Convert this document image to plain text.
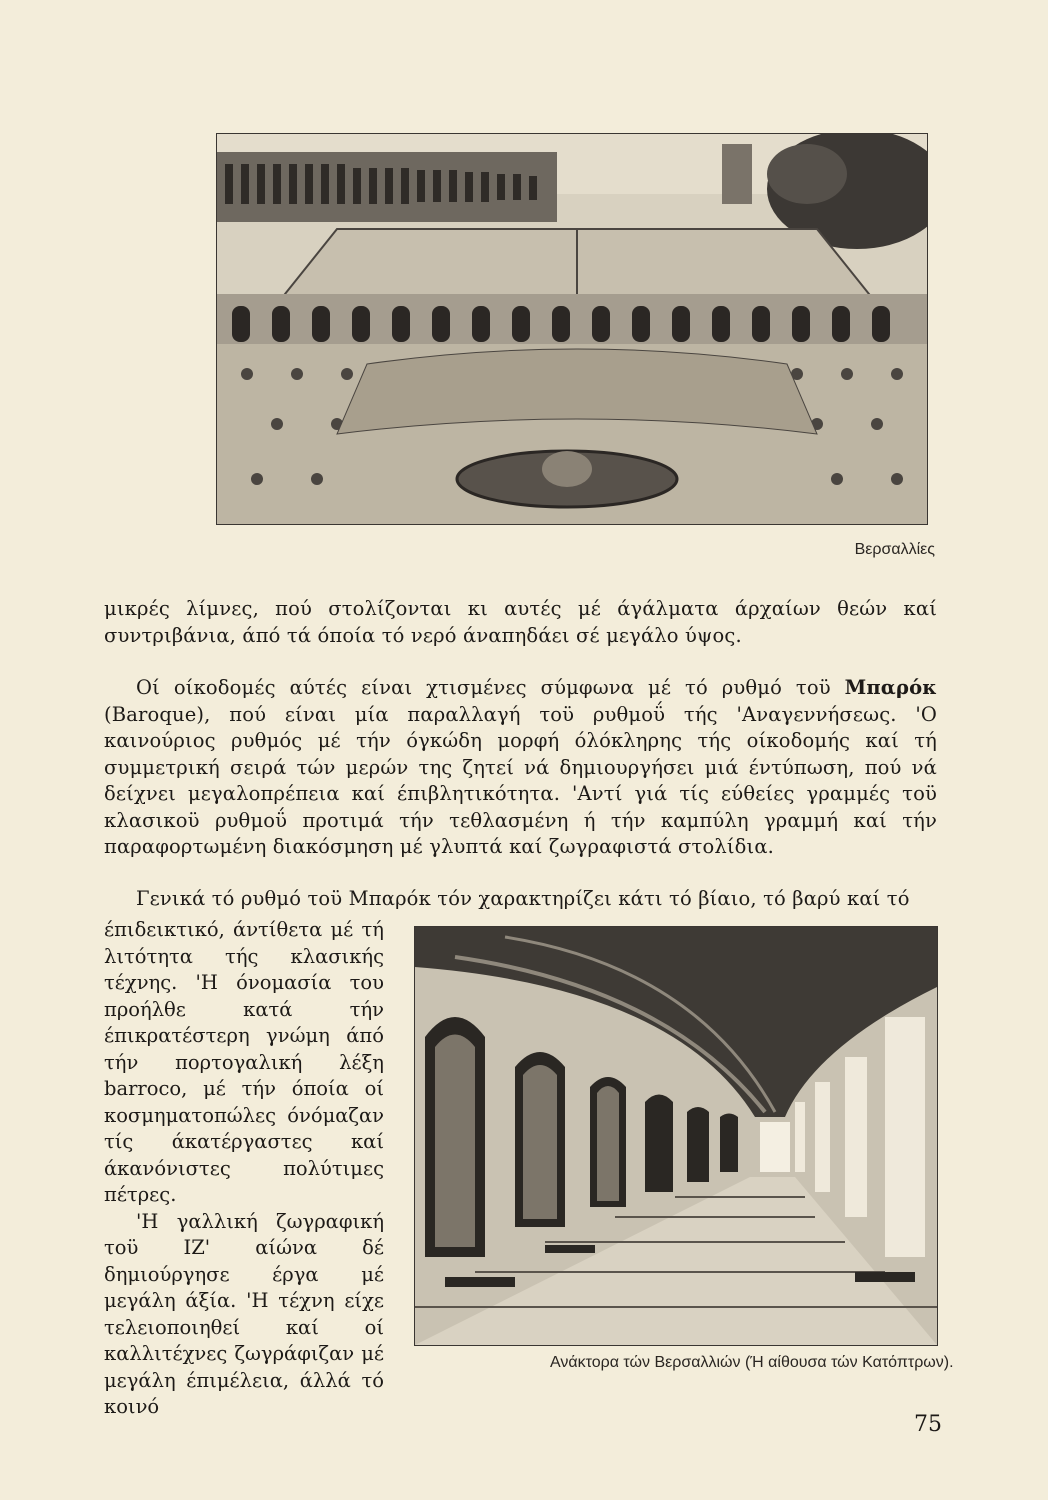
Βερσαλλίες

μικρές λίμνες, πού στολίζονται κι αυτές μέ άγάλματα άρχαίων θεών καί συντριβάνια, άπό τά όποία τό νερό άναπηδάει σέ μεγάλο ύψος.

Οί οίκοδομές αύτές είναι χτισμένες σύμφωνα μέ τό ρυθμό τοϋ Μπαρόκ (Baroque), πού είναι μία παραλλαγή τοϋ ρυθμοΰ τής 'Αναγεννήσεως. 'Ο καινούριος ρυθμός μέ τήν όγκώδη μορφή όλόκληρης τής οίκοδομής καί τή συμμετρική σειρά τών μερών της ζητεί νά δημιουργήσει μιά έντύπωση, πού νά δείχνει μεγαλοπρέπεια καί έπιβλητικότητα. 'Αντί γιά τίς εύθείες γραμμές τοϋ κλασικοϋ ρυθμοΰ προτιμά τήν τεθλασμένη ή τήν καμπύλη γραμμή καί τήν παραφορτωμένη διακόσμηση μέ γλυπτά καί ζωγραφιστά στολίδια.

Γενικά τό ρυθμό τοϋ Μπαρόκ τόν χαρακτηρίζει κάτι τό βίαιο, τό βαρύ καί τό

έπιδεικτικό, άντίθετα μέ τή λιτότητα τής κλασικής τέχνης. 'Η όνομασία του προήλθε κατά τήν έπικρατέστερη γνώμη άπό τήν πορτογαλική λέξη barroco, μέ τήν όποία οί κοσμηματοπώλες όνόμαζαν τίς άκατέργαστες καί άκανόνιστες πολύτιμες πέτρες.
'Η γαλλική ζωγραφική τοϋ ΙΖ' αίώνα δέ δημιούργησε έργα μέ μεγάλη άξία. 'Η τέχνη είχε τελειοποιηθεί καί οί καλλιτέχνες ζωγράφιζαν μέ μεγάλη έπιμέλεια, άλλά τό κοινό

Ανάκτορα τών Βερσαλλιών (Ή αίθουσα τών Κατόπτρων).
75
